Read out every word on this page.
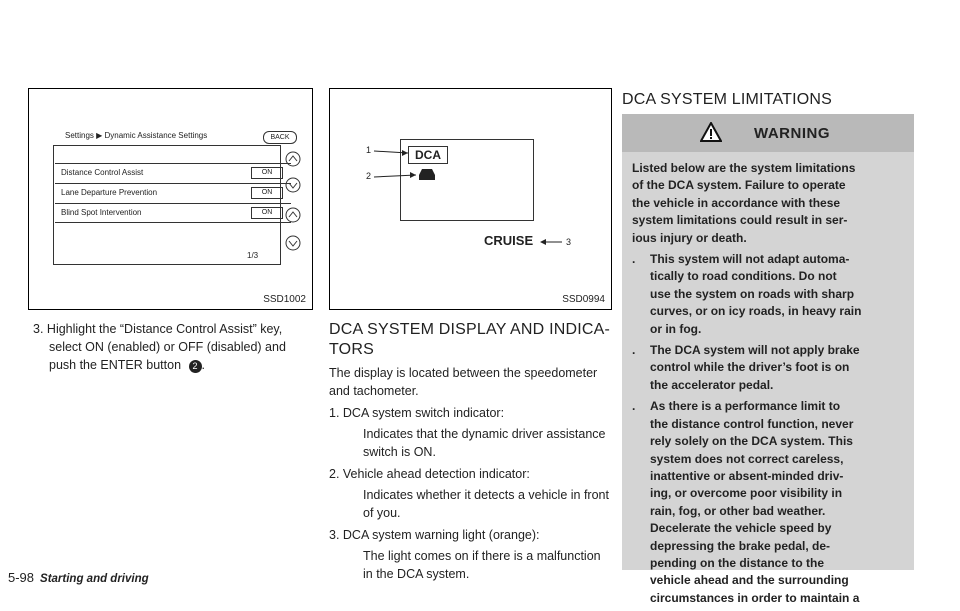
Settings ▶ Dynamic Assistance Settings	BACK
Distance Control Assist	ON
Lane Departure Prevention	ON
Blind Spot Intervention	ON
1/3
SSD1002
3. Highlight the “Distance Control Assist” key,
select ON (enabled) or OFF (disabled) and
push the ENTER button 2 .
DCA
1
2
3
CRUISE
SSD0994
DCA SYSTEM DISPLAY AND INDICA-
TORS
The display is located between the speedometer
and tachometer.
1. DCA system switch indicator:
Indicates that the dynamic driver assistance
switch is ON.
2. Vehicle ahead detection indicator:
Indicates whether it detects a vehicle in front
of you.
3. DCA system warning light (orange):
The light comes on if there is a malfunction
in the DCA system.
DCA SYSTEM LIMITATIONS
WARNING
Listed below are the system limitations
of the DCA system. Failure to operate
the vehicle in accordance with these
system limitations could result in ser-
ious injury or death.
. This system will not adapt automa-
tically to road conditions. Do not
use the system on roads with sharp
curves, or on icy roads, in heavy rain
or in fog.
. The DCA system will not apply brake
control while the driver’s foot is on
the accelerator pedal.
. As there is a performance limit to
the distance control function, never
rely solely on the DCA system. This
system does not correct careless,
inattentive or absent-minded driv-
ing, or overcome poor visibility in
rain, fog, or other bad weather.
Decelerate the vehicle speed by
depressing the brake pedal, de-
pending on the distance to the
vehicle ahead and the surrounding
circumstances in order to maintain a
5-98 Starting and driving
